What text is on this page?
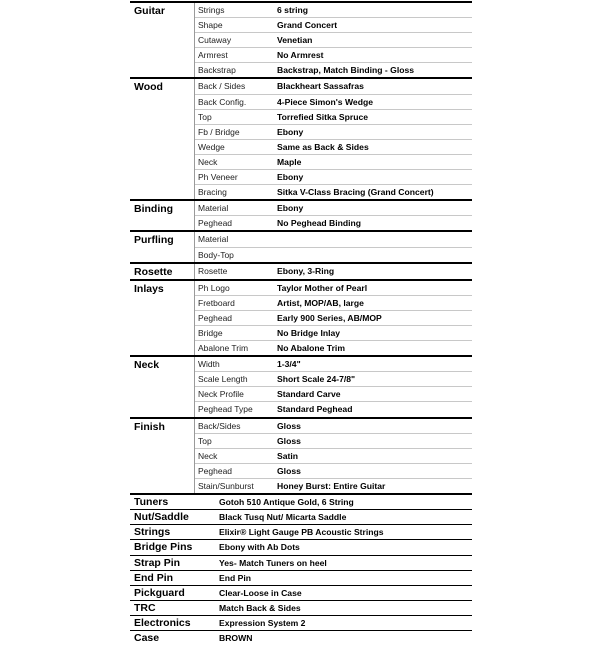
Guitar	Strings	6 string
	Shape	Grand Concert
	Cutaway	Venetian
	Armrest	No Armrest
	Backstrap	Backstrap, Match Binding - Gloss
Wood	Back / Sides	Blackheart Sassafras
	Back Config.	4-Piece Simon's Wedge
	Top	Torrefied Sitka Spruce
	Fb / Bridge	Ebony
	Wedge	Same as Back & Sides
	Neck	Maple
	Ph Veneer	Ebony
	Bracing	Sitka V-Class Bracing (Grand Concert)
Binding	Material	Ebony
	Peghead	No Peghead Binding
Purfling	Material	
	Body-Top	
Rosette	Rosette	Ebony, 3-Ring
Inlays	Ph Logo	Taylor Mother of Pearl
	Fretboard	Artist, MOP/AB, large
	Peghead	Early 900 Series, AB/MOP
	Bridge	No Bridge Inlay
	Abalone Trim	No Abalone Trim
Neck	Width	1-3/4"
	Scale Length	Short Scale 24-7/8"
	Neck Profile	Standard Carve
	Peghead Type	Standard Peghead
Finish	Back/Sides	Gloss
	Top	Gloss
	Neck	Satin
	Peghead	Gloss
	Stain/Sunburst	Honey Burst: Entire Guitar
Tuners	Gotoh 510 Antique Gold, 6 String
Nut/Saddle	Black Tusq Nut/ Micarta Saddle
Strings	Elixir® Light Gauge PB Acoustic Strings
Bridge Pins	Ebony with Ab Dots
Strap Pin	Yes- Match Tuners on heel
End Pin	End Pin
Pickguard	Clear-Loose in Case
TRC	Match Back & Sides
Electronics	Expression System 2
Case	BROWN
